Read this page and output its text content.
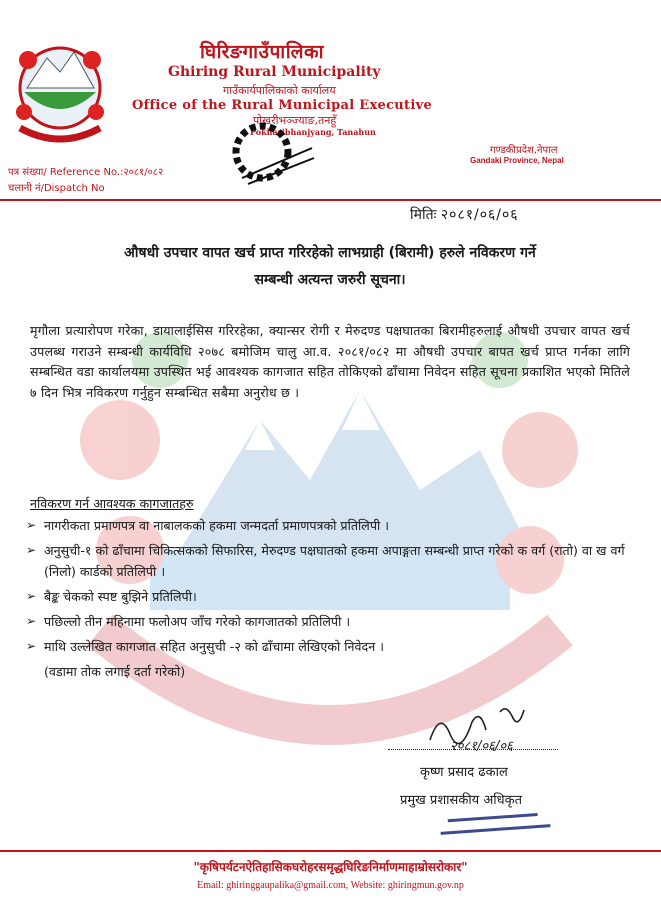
घिरिङगाउँपालिका
Ghiring Rural Municipality
गाउँकार्यपालिकाको कार्यालय
Office of the Rural Municipal Executive
पोखरीभञ्ज्याङ,तनहुँ
Pokharibhanjyang, Tanahun
गण्डकीप्रदेश,नेपाल
Gandaki Province, Nepal
पत्र संख्या/ Reference No.:२०८१/०८२
चलानी नं/Dispatch No
मितिः २०८१/०६/०६
औषधी उपचार वापत खर्च प्राप्त गरिरहेकाे लाभग्राही (बिरामी) हरुले नविकरण गर्ने
सम्बन्धी अत्यन्त जरुरी सूचना।
मृगौला प्रत्यारोपण गरेका, डायालाईसिस गरिरहेका, क्यान्सर रोगी र मेरुदण्ड पक्षघातका बिरामीहरुलाई औषधी उपचार वापत खर्च उपलब्ध गराउने सम्बन्धी कार्यविधि २०७८ बमोजिम चालु आ.व. २०८१/०८२ मा औषधी उपचार बापत खर्च प्राप्त गर्नका लागि सम्बन्धित वडा कार्यालयमा उपस्थित भई आवश्यक कागजात सहित तोकिएको ढाँचामा निवेदन सहित सूचना प्रकाशित भएको मितिले ७ दिन भित्र नविकरण गर्नुहुन सम्बन्धित सबैमा अनुरोध छ ।
नविकरण गर्न आवश्यक कागजातहरु
➢ नागरीकता प्रमाणपत्र वा नाबालकको हकमा जन्मदर्ता प्रमाणपत्रको प्रतिलिपी ।
➢ अनुसुची-१ को ढाँचामा चिकित्सकको सिफारिस, मेरुदण्ड पक्षघातको हकमा अपाङ्गता सम्बन्धी प्राप्त गरेको क वर्ग (रातो) वा ख वर्ग (निलो) कार्डको प्रतिलिपी ।
➢ बैङ्क चेकको स्पष्ट बुझिने प्रतिलिपी।
➢ पछिल्लो तीन महिनामा फलोअप जाँच गरेको कागजातको प्रतिलिपी ।
➢ माथि उल्लेखित कागजात सहित अनुसुची -२ को ढाँचामा लेखिएको निवेदन ।
(वडामा तोक लगाई दर्ता गरेको)
२०८१/०६/०६
कृष्ण प्रसाद ढकाल
प्रमुख प्रशासकीय अधिकृत
"कृषिपर्यटनऐतिहासिकघरोहरसमृद्धघिरिङनिर्माणमाहाम्रोसरोकार"
Email: ghiringgaupalika@gmail.com, Website: ghiringmun.gov.np
